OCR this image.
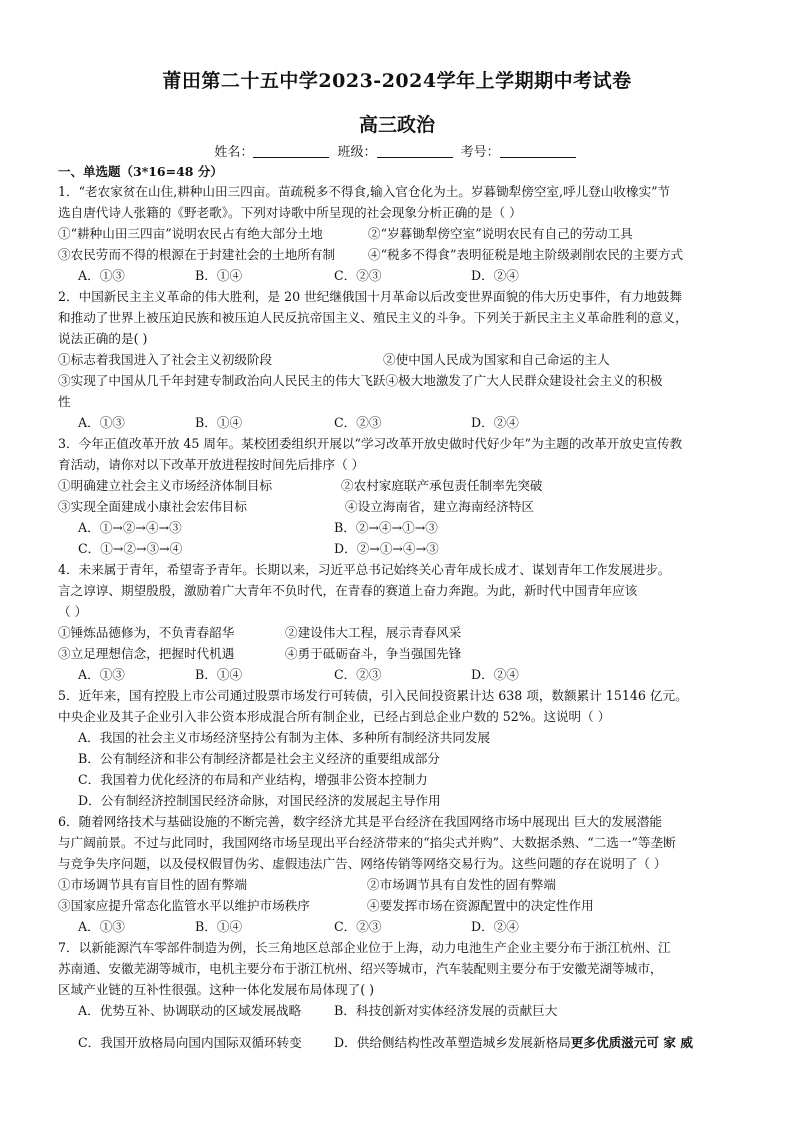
莆田第二十五中学2023-2024学年上学期期中考试卷
高三政治
姓名：	班级：	考号：
一、单选题（3*16=48 分）
1．“老农家贫在山住,耕种山田三四亩。苗疏税多不得食,输入官仓化为土。岁暮锄犁傍空室,呼儿登山收橡实”节
选自唐代诗人张籍的《野老歌》。下列对诗歌中所呈现的社会现象分析正确的是（ ）
①“耕种山田三四亩”说明农民占有绝大部分土地	②“岁暮锄犁傍空室”说明农民有自己的劳动工具
③农民劳而不得的根源在于封建社会的土地所有制	④“税多不得食”表明征税是地主阶级剥削农民的主要方式
A．①③	B．①④	C．②③	D．②④
2．中国新民主主义革命的伟大胜利，是 20 世纪继俄国十月革命以后改变世界面貌的伟大历史事件，有力地鼓舞
和推动了世界上被压迫民族和被压迫人民反抗帝国主义、殖民主义的斗争。下列关于新民主主义革命胜利的意义，
说法正确的是( )
①标志着我国进入了社会主义初级阶段	②使中国人民成为国家和自己命运的主人
③实现了中国从几千年封建专制政治向人民民主的伟大飞跃④极大地激发了广大人民群众建设社会主义的积极
性
A．①③	B．①④	C．②③	D．②④
3．今年正值改革开放 45 周年。某校团委组织开展以“学习改革开放史做时代好少年”为主题的改革开放史宣传教
育活动，请你对以下改革开放进程按时间先后排序（ ）
①明确建立社会主义市场经济体制目标	②农村家庭联产承包责任制率先突破
③实现全面建成小康社会宏伟目标	④设立海南省，建立海南经济特区
A．①→②→④→③	B．②→④→①→③
C．①→②→③→④	D．②→①→④→③
4．未来属于青年，希望寄予青年。长期以来，习近平总书记始终关心青年成长成才、谋划青年工作发展进步。
言之谆谆、期望殷殷，激励着广大青年不负时代，在青春的赛道上奋力奔跑。为此，新时代中国青年应该
（ ）
①锤炼品德修为，不负青春韶华	②建设伟大工程，展示青春风采
③立足理想信念，把握时代机遇	④勇于砥砺奋斗，争当强国先锋
A．①③	B．①④	C．②③	D．②④
5．近年来，国有控股上市公司通过股票市场发行可转债，引入民间投资累计达 638 项，数额累计 15146 亿元。
中央企业及其子企业引入非公资本形成混合所有制企业，已经占到总企业户数的 52%。这说明（ ）
A．我国的社会主义市场经济坚持公有制为主体、多种所有制经济共同发展
B．公有制经济和非公有制经济都是社会主义经济的重要组成部分
C．我国着力优化经济的布局和产业结构，增强非公资本控制力
D．公有制经济控制国民经济命脉，对国民经济的发展起主导作用
6．随着网络技术与基础设施的不断完善，数字经济尤其是平台经济在我国网络市场中展现出 巨大的发展潜能
与广阔前景。不过与此同时，我国网络市场呈现出平台经济带来的“掐尖式并购”、大数据杀熟、“二选一”等垄断
与竞争失序问题，以及侵权假冒伪劣、虚假违法广告、网络传销等网络交易行为。这些问题的存在说明了（ ）
①市场调节具有盲目性的固有弊端	②市场调节具有自发性的固有弊端
③国家应提升常态化监管水平以维护市场秩序	④要发挥市场在资源配置中的决定性作用
A．①③	B．①④	C．②③	D．②④
7．以新能源汽车零部件制造为例，长三角地区总部企业位于上海，动力电池生产企业主要分布于浙江杭州、江
苏南通、安徽芜湖等城市，电机主要分布于浙江杭州、绍兴等城市，汽车装配则主要分布于安徽芜湖等城市，
区域产业链的互补性很强。这种一体化发展布局体现了( )
A．优势互补、协调联动的区域发展战略	B．科技创新对实体经济发展的贡献巨大
C．我国开放格局向国内国际双循环转变	D．供给侧结构性改革塑造城乡发展新格局更多优质滋元可 家 威
